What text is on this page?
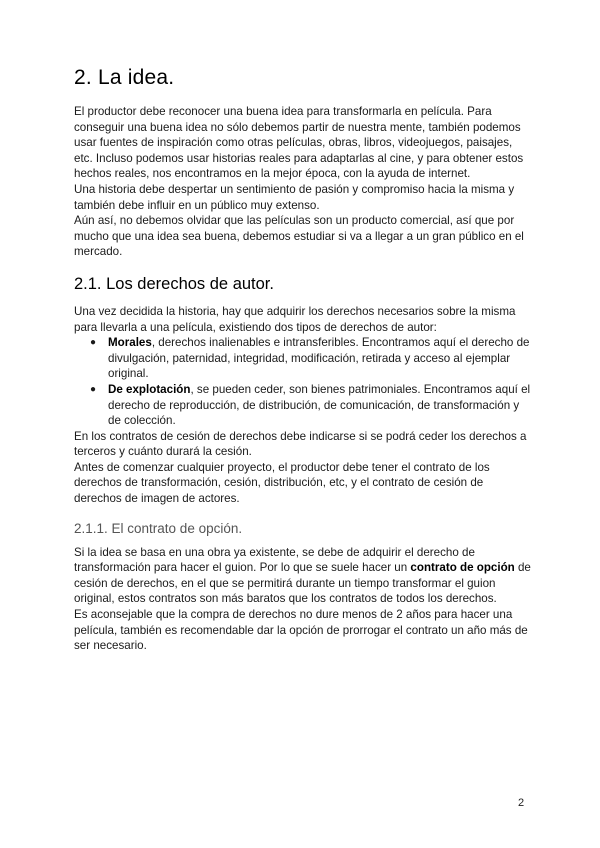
2. La idea.

El productor debe reconocer una buena idea para transformarla en película. Para conseguir una buena idea no sólo debemos partir de nuestra mente, también podemos usar fuentes de inspiración como otras películas, obras, libros, videojuegos, paisajes, etc. Incluso podemos usar historias reales para adaptarlas al cine, y para obtener estos hechos reales, nos encontramos en la mejor época, con la ayuda de internet.

Una historia debe despertar un sentimiento de pasión y compromiso hacia la misma y también debe influir en un público muy extenso.

Aún así, no debemos olvidar que las películas son un producto comercial, así que por mucho que una idea sea buena, debemos estudiar si va a llegar a un gran público en el mercado.

2.1. Los derechos de autor.

Una vez decidida la historia, hay que adquirir los derechos necesarios sobre la misma para llevarla a una película, existiendo dos tipos de derechos de autor:

● Morales, derechos inalienables e intransferibles. Encontramos aquí el derecho de divulgación, paternidad, integridad, modificación, retirada y acceso al ejemplar original.
● De explotación, se pueden ceder, son bienes patrimoniales. Encontramos aquí el derecho de reproducción, de distribución, de comunicación, de transformación y de colección.

En los contratos de cesión de derechos debe indicarse si se podrá ceder los derechos a terceros y cuánto durará la cesión.

Antes de comenzar cualquier proyecto, el productor debe tener el contrato de los derechos de transformación, cesión, distribución, etc, y el contrato de cesión de derechos de imagen de actores.

2.1.1. El contrato de opción.

Si la idea se basa en una obra ya existente, se debe de adquirir el derecho de transformación para hacer el guion. Por lo que se suele hacer un contrato de opción de cesión de derechos, en el que se permitirá durante un tiempo transformar el guion original, estos contratos son más baratos que los contratos de todos los derechos.

Es aconsejable que la compra de derechos no dure menos de 2 años para hacer una película, también es recomendable dar la opción de prorrogar el contrato un año más de ser necesario.

2
